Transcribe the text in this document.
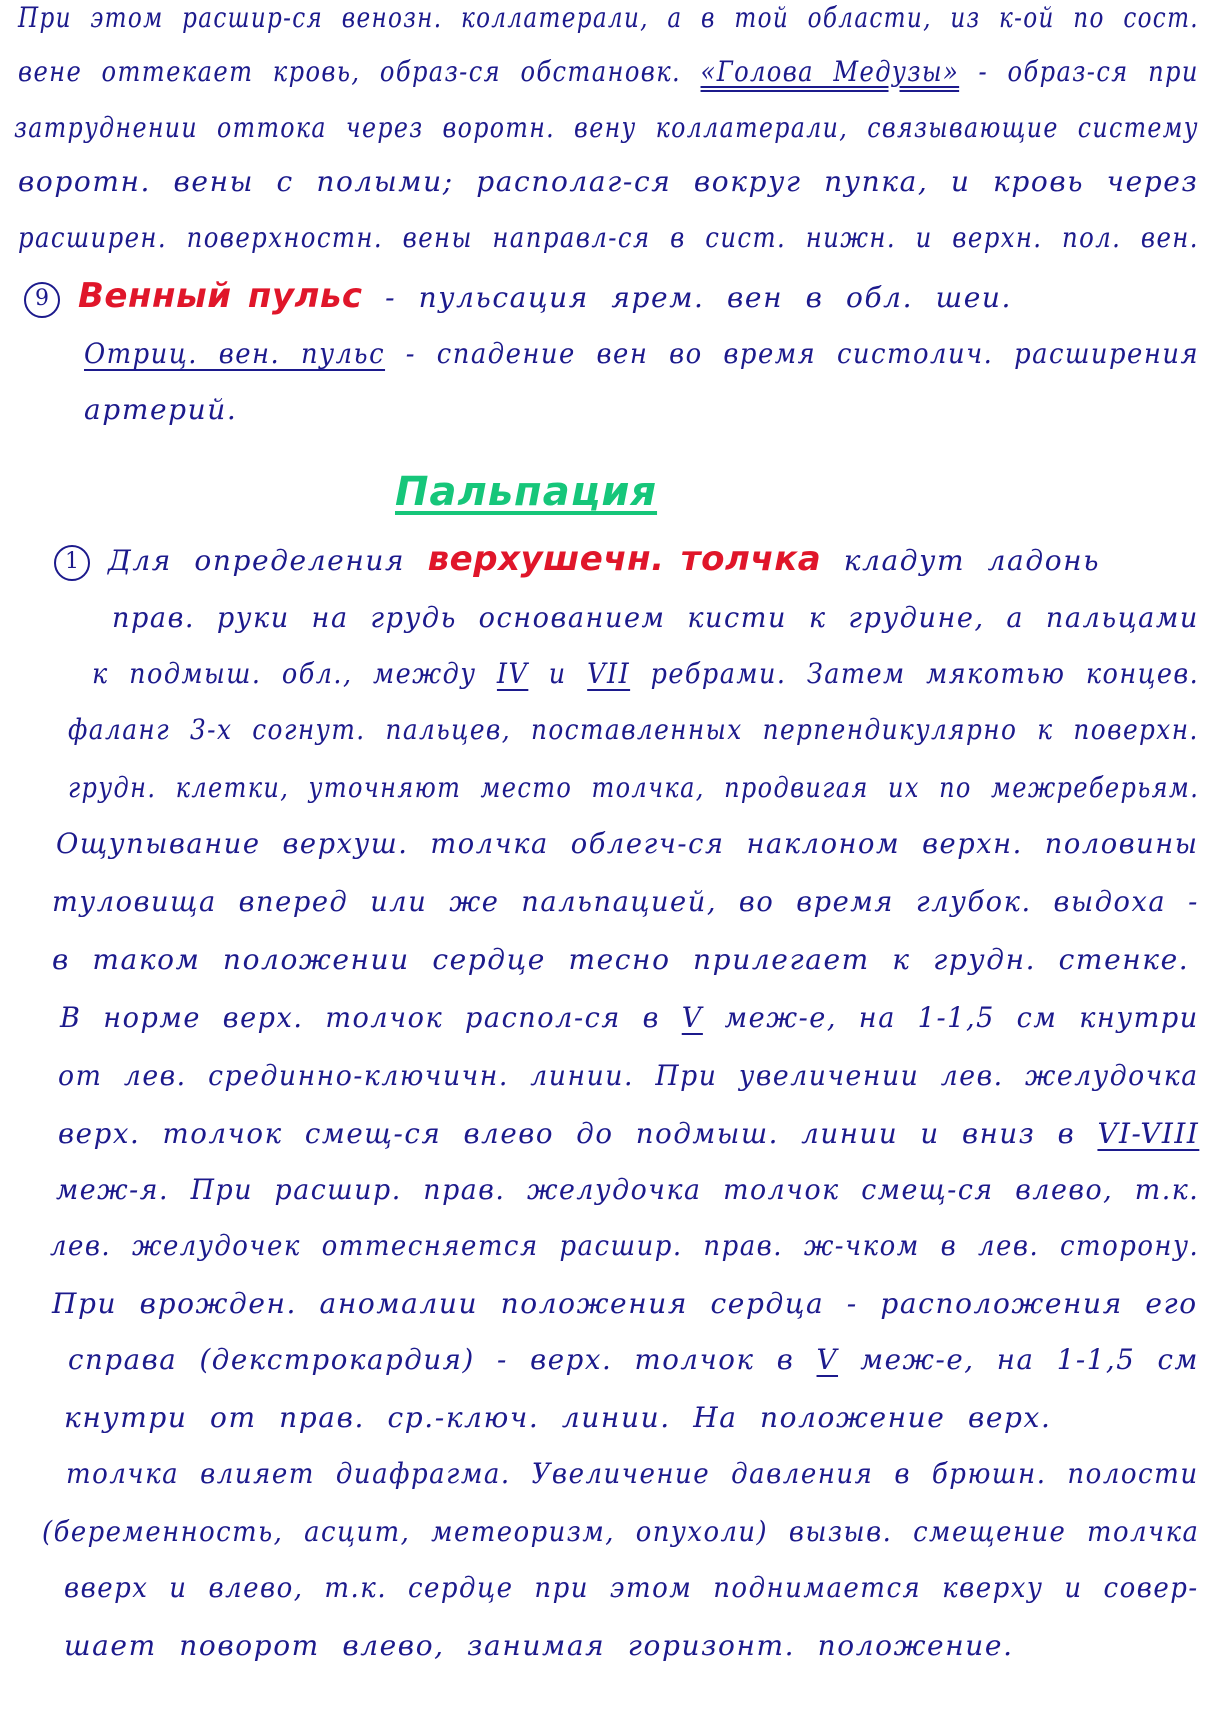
При этом расшир-ся венозн. коллатерали, а в той области, из к-ой по сост.
вене оттекает кровь, образ-ся обстановк. «Голова Медузы» - образ-ся при
затруднении оттока через воротн. вену коллатерали, связывающие систему
воротн. вены с полыми; располаг-ся вокруг пупка, и кровь через
расширен. поверхностн. вены направл-ся в сист. нижн. и верхн. пол. вен.
9 Венный пульс - пульсация ярем. вен в обл. шеи.
Отриц. вен. пульс - спадение вен во время систолич. расширения
артерий.
Пальпация
1 Для определения верхушечн. толчка кладут ладонь
прав. руки на грудь основанием кисти к грудине, а пальцами
к подмыш. обл., между IV и VII ребрами. Затем мякотью концев.
фаланг 3-х согнут. пальцев, поставленных перпендикулярно к поверхн.
грудн. клетки, уточняют место толчка, продвигая их по межреберьям.
Ощупывание верхуш. толчка облегч-ся наклоном верхн. половины
туловища вперед или же пальпацией, во время глубок. выдоха -
в таком положении сердце тесно прилегает к грудн. стенке.
В норме верх. толчок распол-ся в V меж-е, на 1-1,5 см кнутри
от лев. срединно-ключичн. линии. При увеличении лев. желудочка
верх. толчок смещ-ся влево до подмыш. линии и вниз в VI-VIII
меж-я. При расшир. прав. желудочка толчок смещ-ся влево, т.к.
лев. желудочек оттесняется расшир. прав. ж-чком в лев. сторону.
При врожден. аномалии положения сердца - расположения его
справа (декстрокардия) - верх. толчок в V меж-е, на 1-1,5 см
кнутри от прав. ср.-ключ. линии. На положение верх.
толчка влияет диафрагма. Увеличение давления в брюшн. полости
(беременность, асцит, метеоризм, опухоли) вызыв. смещение толчка
вверх и влево, т.к. сердце при этом поднимается кверху и совер-
шает поворот влево, занимая горизонт. положение.
